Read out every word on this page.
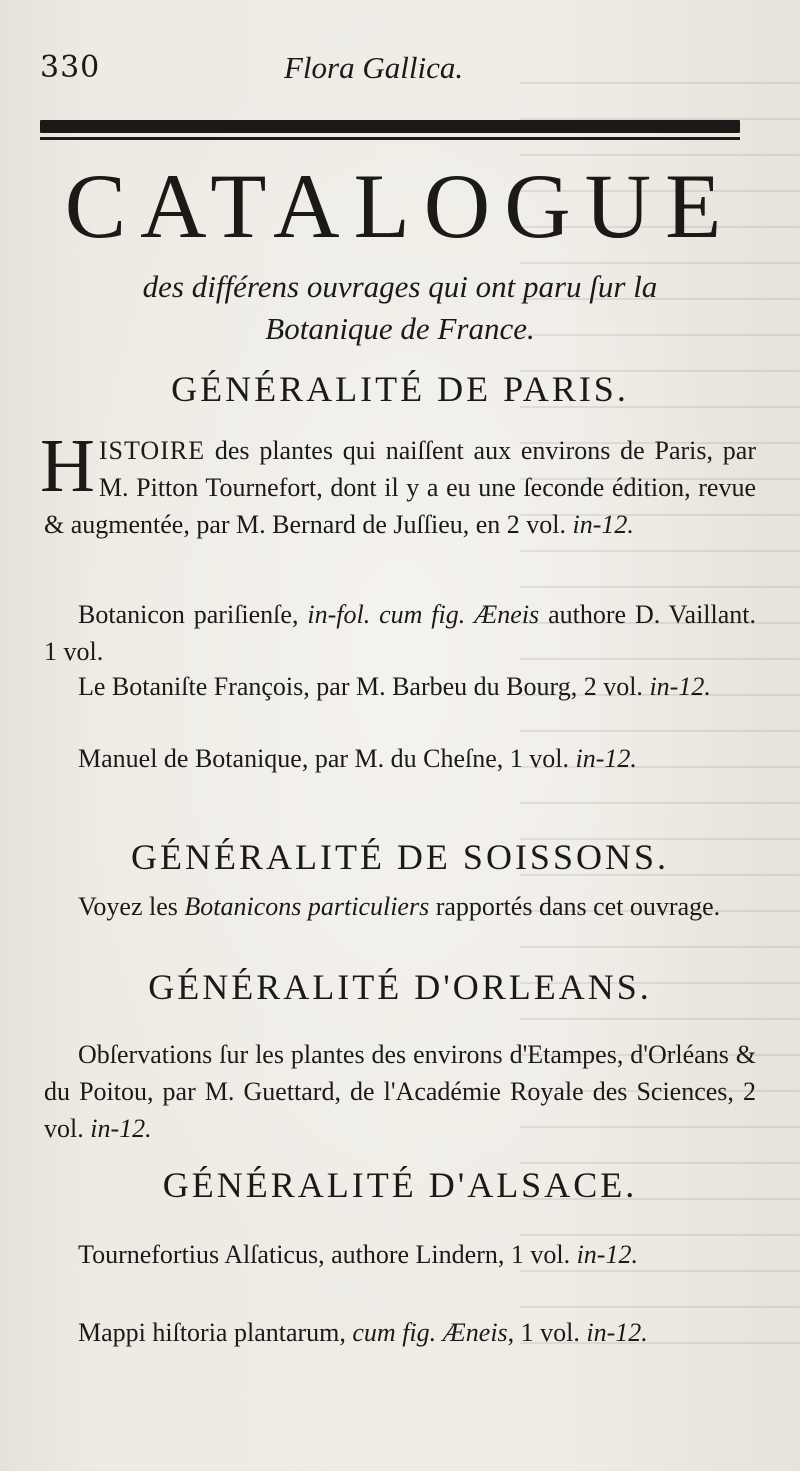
330	Flora Gallica.
CATALOGUE
des différens ouvrages qui ont paru ſur la
Botanique de France.
GÉNÉRALITÉ DE PARIS.
HISTOIRE des plantes qui naiſſent aux environs de Paris, par M. Pitton Tournefort, dont il y a eu une ſeconde édition, revue & augmentée, par M. Bernard de Juſſieu, en 2 vol. in-12.
Botanicon pariſienſe, in-fol. cum fig. Æneis authore D. Vaillant. 1 vol.
Le Botaniſte François, par M. Barbeu du Bourg, 2 vol. in-12.
Manuel de Botanique, par M. du Cheſne, 1 vol. in-12.
GÉNÉRALITÉ DE SOISSONS.
Voyez les Botanicons particuliers rapportés dans cet ouvrage.
GÉNÉRALITÉ D'ORLEANS.
Obſervations ſur les plantes des environs d'Etampes, d'Orléans & du Poitou, par M. Guettard, de l'Académie Royale des Sciences, 2 vol. in-12.
GÉNÉRALITÉ D'ALSACE.
Tournefortius Alſaticus, authore Lindern, 1 vol. in-12.
Mappi hiſtoria plantarum, cum fig. Æneis, 1 vol. in-12.
